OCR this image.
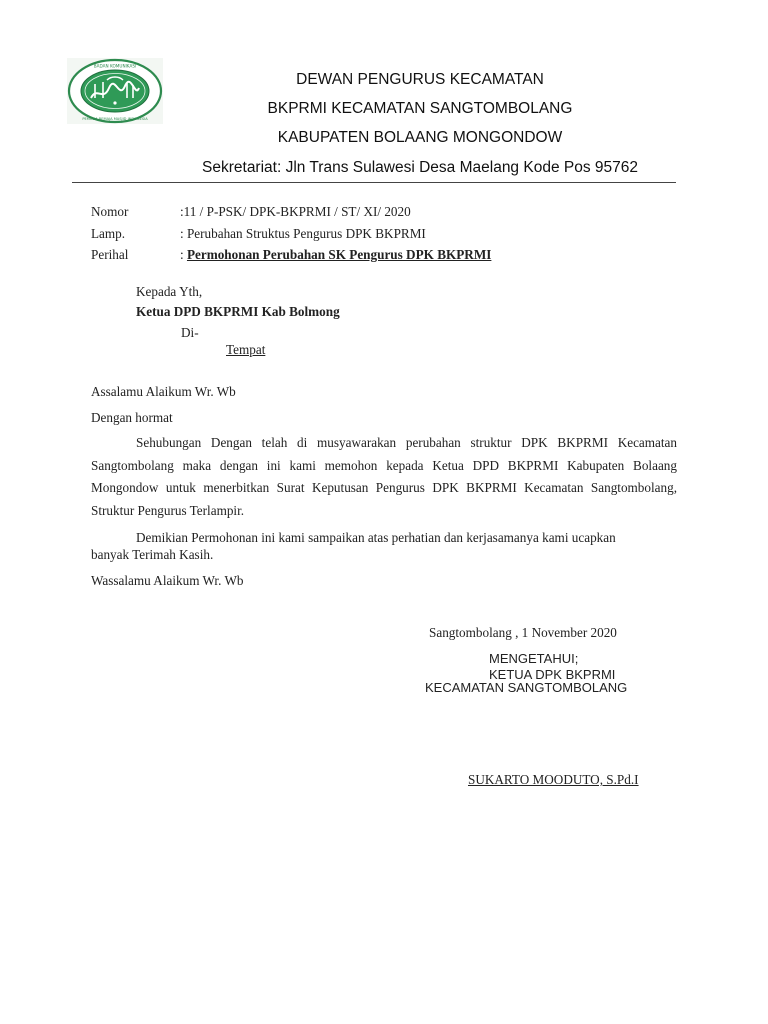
BADAN KOMUNIKASI
PEMUDA REMAJA MASJID INDONESIA
DEWAN PENGURUS KECAMATAN
BKPRMI KECAMATAN SANGTOMBOLANG
KABUPATEN BOLAANG MONGONDOW
Sekretariat: Jln Trans Sulawesi Desa Maelang Kode Pos 95762
Nomor	:11 / P-PSK/ DPK-BKPRMI / ST/ XI/ 2020
Lamp.	: Perubahan Struktus Pengurus DPK BKPRMI
Perihal	: Permohonan Perubahan SK Pengurus DPK BKPRMI
Kepada Yth,
Ketua DPD BKPRMI Kab Bolmong
Di-
Tempat
Assalamu Alaikum Wr. Wb
Dengan hormat
Sehubungan Dengan telah di musyawarakan perubahan struktur DPK BKPRMI Kecamatan Sangtombolang maka dengan ini kami memohon kepada Ketua DPD BKPRMI Kabupaten Bolaang Mongondow untuk menerbitkan Surat Keputusan Pengurus DPK BKPRMI Kecamatan Sangtombolang, Struktur Pengurus Terlampir.
Demikian Permohonan ini kami sampaikan atas perhatian dan kerjasamanya kami ucapkan banyak Terimah Kasih.
Wassalamu Alaikum Wr. Wb
Sangtombolang , 1 November 2020
MENGETAHUI;
KETUA DPK BKPRMI
KECAMATAN SANGTOMBOLANG
SUKARTO MOODUTO, S.Pd.I
